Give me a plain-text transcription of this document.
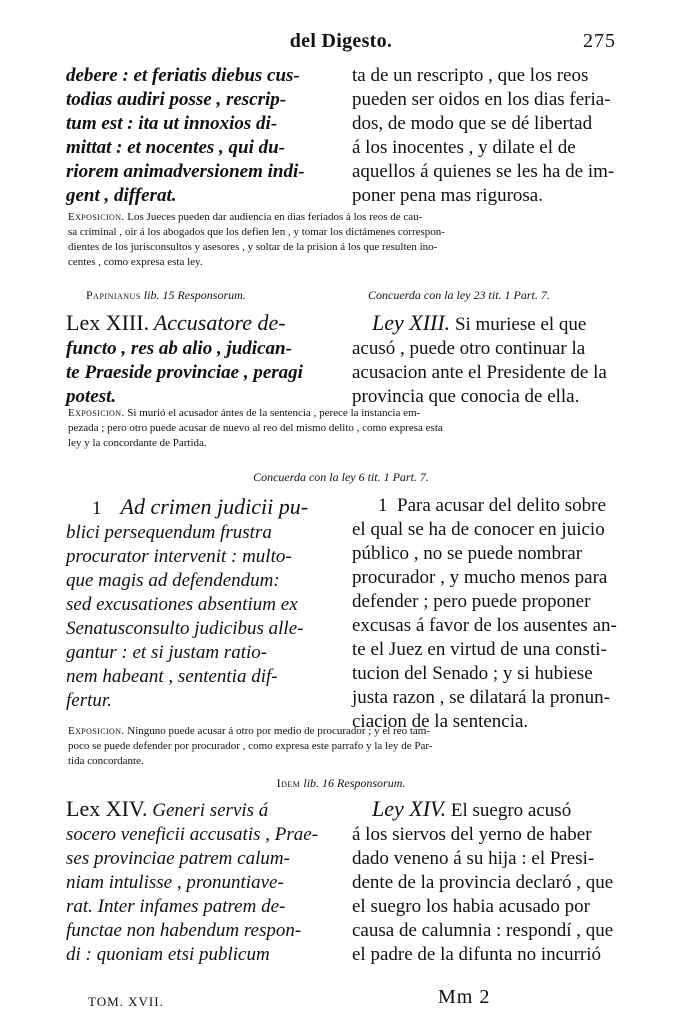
del Digesto.	275
debere : et feriatis diebus cus-
todias audiri posse , rescrip-
tum est : ita ut innoxios di-
mittat : et nocentes , qui du-
riorem animadversionem indi-
gent , differat.
ta de un rescripto , que los reos
pueden ser oidos en los dias feria-
dos, de modo que se dé libertad
á los inocentes , y dilate el de
aquellos á quienes se les ha de im-
poner pena mas rigurosa.
Exposicion. Los Jueces pueden dar audiencia en dias feriados á los reos de cau-
sa criminal , oir á los abogados que los defien len , y tomar los dictámenes correspon-
dientes de los jurisconsultos y asesores , y soltar de la prision á los que resulten ino-
centes , como expresa esta ley.
Papinianus lib. 15 Responsorum.	Concuerda con la ley 23 tit. 1 Part. 7.
Lex XIII. Accusatore de-
functo , res ab alio , judican-
te Praeside provinciae , peragi
potest.
Ley XIII. Si muriese el que
acusó , puede otro continuar la
acusacion ante el Presidente de la
provincia que conocia de ella.
Exposicion. Si murió el acusador ántes de la sentencia , perece la instancia em-
pezada ; pero otro puede acusar de nuevo al reo del mismo delito , como expresa esta
ley y la concordante de Partida.
Concuerda con la ley 6 tit. 1 Part. 7.
1 Ad crimen judicii pu-
blici persequendum frustra
procurator intervenit : multo-
que magis ad defendendum:
sed excusationes absentium ex
Senatusconsulto judicibus alle-
gantur : et si justam ratio-
nem habeant , sententia dif-
fertur.
1 Para acusar del delito sobre
el qual se ha de conocer en juicio
público , no se puede nombrar
procurador , y mucho menos para
defender ; pero puede proponer
excusas á favor de los ausentes an-
te el Juez en virtud de una consti-
tucion del Senado ; y si hubiese
justa razon , se dilatará la pronun-
ciacion de la sentencia.
Exposicion. Ninguno puede acusar á otro por medio de procurador ; y el reo tam-
poco se puede defender por procurador , como expresa este parrafo y la ley de Par-
tida concordante.
Idem lib. 16 Responsorum.
Lex XIV. Generi servis á
socero veneficii accusatis , Prae-
ses provinciae patrem calum-
niam intulisse , pronuntiave-
rat. Inter infames patrem de-
functae non habendum respon-
di : quoniam etsi publicum
Ley XIV. El suegro acusó
á los siervos del yerno de haber
dado veneno á su hija : el Presi-
dente de la provincia declaró , que
el suegro los habia acusado por
causa de calumnia : respondí , que
el padre de la difunta no incurrió
TOM. XVII.	Mm 2
